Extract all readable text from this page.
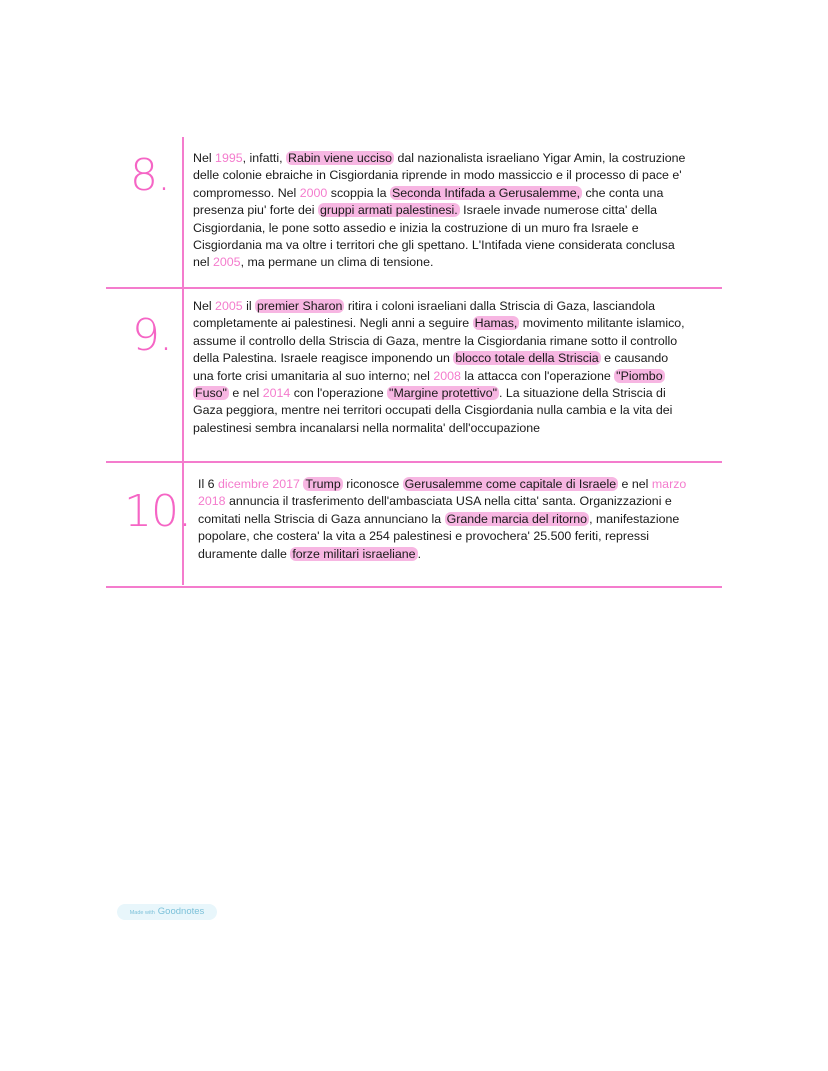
8.
9.
10.
Nel 1995, infatti, Rabin viene ucciso dal nazionalista israeliano Yigar Amin, la costruzione
delle colonie ebraiche in Cisgiordania riprende in modo massiccio e il processo di pace e'
compromesso. Nel 2000 scoppia la Seconda Intifada a Gerusalemme, che conta una
presenza piu' forte dei gruppi armati palestinesi. Israele invade numerose citta' della
Cisgiordania, le pone sotto assedio e inizia la costruzione di un muro fra Israele e
Cisgiordania ma va oltre i territori che gli spettano. L'Intifada viene considerata conclusa
nel 2005, ma permane un clima di tensione.
Nel 2005 il premier Sharon ritira i coloni israeliani dalla Striscia di Gaza, lasciandola
completamente ai palestinesi. Negli anni a seguire Hamas, movimento militante islamico,
assume il controllo della Striscia di Gaza, mentre la Cisgiordania rimane sotto il controllo
della Palestina. Israele reagisce imponendo un blocco totale della Striscia e causando
una forte crisi umanitaria al suo interno; nel 2008 la attacca con l'operazione "Piombo
Fuso" e nel 2014 con l'operazione "Margine protettivo" . La situazione della Striscia di
Gaza peggiora, mentre nei territori occupati della Cisgiordania nulla cambia e la vita dei
palestinesi sembra incanalarsi nella normalita' dell'occupazione
Il 6 dicembre 2017 Trump riconosce Gerusalemme come capitale di Israele e nel marzo
2018 annuncia il trasferimento dell'ambasciata USA nella citta' santa. Organizzazioni e
comitati nella Striscia di Gaza annunciano la Grande marcia del ritorno , manifestazione
popolare, che costera' la vita a 254 palestinesi e provochera' 25.500 feriti, repressi
duramente dalle forze militari israeliane .
Made with Goodnotes
